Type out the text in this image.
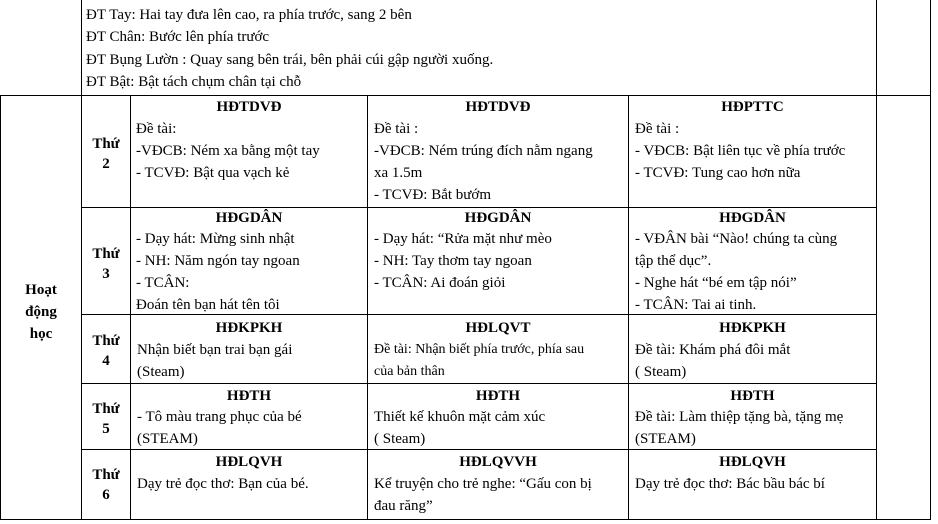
ĐT Tay: Hai tay đưa lên cao, ra phía trước, sang 2 bên
ĐT Chân: Bước lên phía trước
ĐT Bụng Lườn : Quay sang bên trái, bên phải cúi gập người xuống.
ĐT Bật: Bật tách chụm chân tại chỗ
Hoạt
động
học
Thứ
2
HĐTDVĐ
Đề tài:
-VĐCB: Ném xa bằng một tay
- TCVĐ: Bật qua vạch kẻ
HĐTDVĐ
Đề tài :
-VĐCB: Ném trúng đích nằm ngang
xa 1.5m
- TCVĐ: Bắt bướm
HĐPTTC
Đề tài :
- VĐCB: Bật liên tục về phía trước
- TCVĐ: Tung cao hơn nữa
Thứ
3
HĐGDÂN
- Dạy hát: Mừng sinh nhật
- NH: Năm ngón tay ngoan
- TCÂN:
Đoán tên bạn hát tên tôi
HĐGDÂN
- Dạy hát: “Rửa mặt như mèo
- NH: Tay thơm tay ngoan
- TCÂN: Ai đoán giỏi
HĐGDÂN
- VĐÂN bài “Nào! chúng ta cùng
tập thể dục”.
- Nghe hát “bé em tập nói”
- TCÂN: Tai ai tinh.
Thứ
4
HĐKPKH
Nhận biết bạn trai bạn gái
(Steam)
HĐLQVT
Đề tài: Nhận biết phía trước, phía sau
của bản thân
HĐKPKH
Đề tài: Khám phá đôi mắt
( Steam)
Thứ
5
HĐTH
- Tô màu trang phục của bé
(STEAM)
HĐTH
Thiết kế khuôn mặt cảm xúc
( Steam)
HĐTH
Đề tài: Làm thiệp tặng bà, tặng mẹ
(STEAM)
Thứ
6
HĐLQVH
Dạy trẻ đọc thơ: Bạn của bé.
HĐLQVVH
Kể truyện cho trẻ nghe: “Gấu con bị
đau răng”
HĐLQVH
Dạy trẻ đọc thơ: Bác bầu bác bí
